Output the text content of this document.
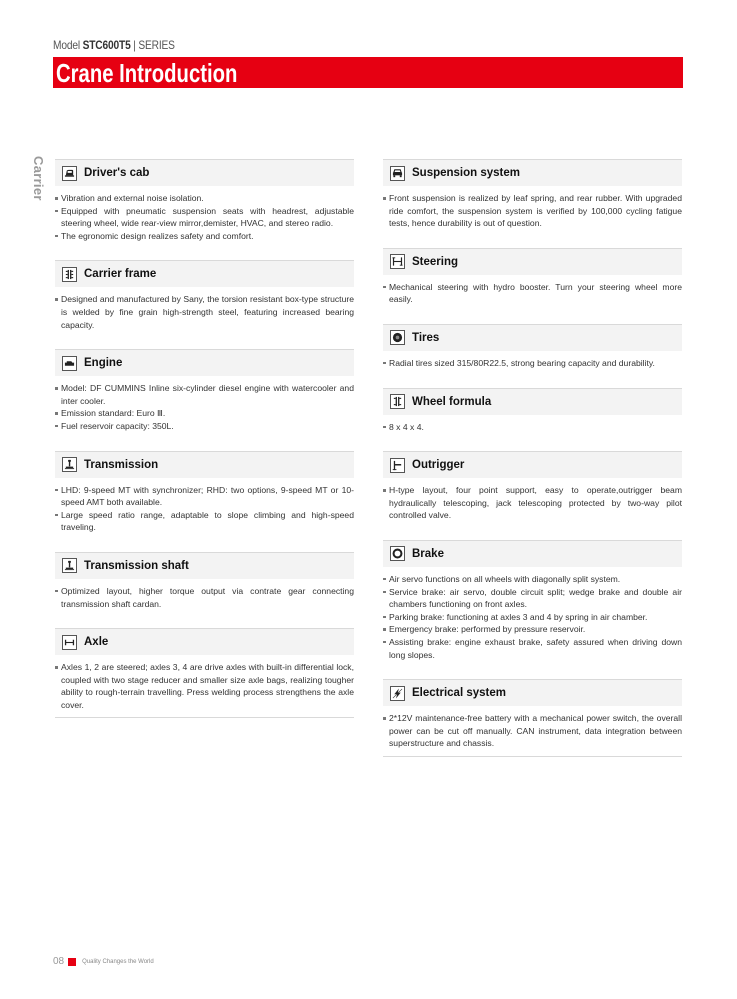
Model STC600T5 | SERIES
Crane Introduction
Carrier	Driver's cab
Vibration and external noise isolation.
Equipped with pneumatic suspension seats with headrest, adjustable steering wheel, wide rear-view mirror,demister, HVAC, and stereo radio.
The egronomic design realizes safety and comfort.
Carrier frame
Designed and manufactured by Sany, the torsion resistant box-type structure is welded by fine grain high-strength steel, featuring increased bearing capacity.
Engine
Model: DF CUMMINS Inline six-cylinder diesel engine with watercooler and inter cooler.
Emission standard: Euro Ⅲ.
Fuel reservoir capacity: 350L.
Transmission
LHD: 9-speed MT with synchronizer; RHD: two options, 9-speed MT or 10-speed AMT both available.
Large speed ratio range, adaptable to slope climbing and high-speed traveling.
Transmission shaft
Optimized layout, higher torque output via contrate gear connecting transmission shaft cardan.
Axle
Axles 1, 2 are steered; axles 3, 4 are drive axles with built-in differential lock, coupled with two stage reducer and smaller size axle bags, realizing tougher ability to rough-terrain travelling. Press welding process strengthens the axle cover.
Suspension system
Front suspension is realized by leaf spring, and rear rubber. With upgraded ride comfort, the suspension system is verified by 100,000 cycling fatigue tests, hence durability is out of question.
Steering
Mechanical steering with hydro booster. Turn your steering wheel more easily.
Tires
Radial tires sized 315/80R22.5, strong bearing capacity and durability.
Wheel formula
8 x 4 x 4.
Outrigger
H-type layout, four point support, easy to operate,outrigger beam hydraulically telescoping, jack telescoping protected by two-way pilot controlled valve.
Brake
Air servo functions on all wheels with diagonally split system.
Service brake: air servo, double circuit split; wedge brake and double air chambers functioning on front axles.
Parking brake: functioning at axles 3 and 4 by spring in air chamber.
Emergency brake: performed by pressure reservoir.
Assisting brake: engine exhaust brake, safety assured when driving down long slopes.
Electrical system
2*12V maintenance-free battery with a mechanical power switch, the overall power can be cut off manually. CAN instrument, data integration between superstructure and chassis.
08	Quality Changes the World
